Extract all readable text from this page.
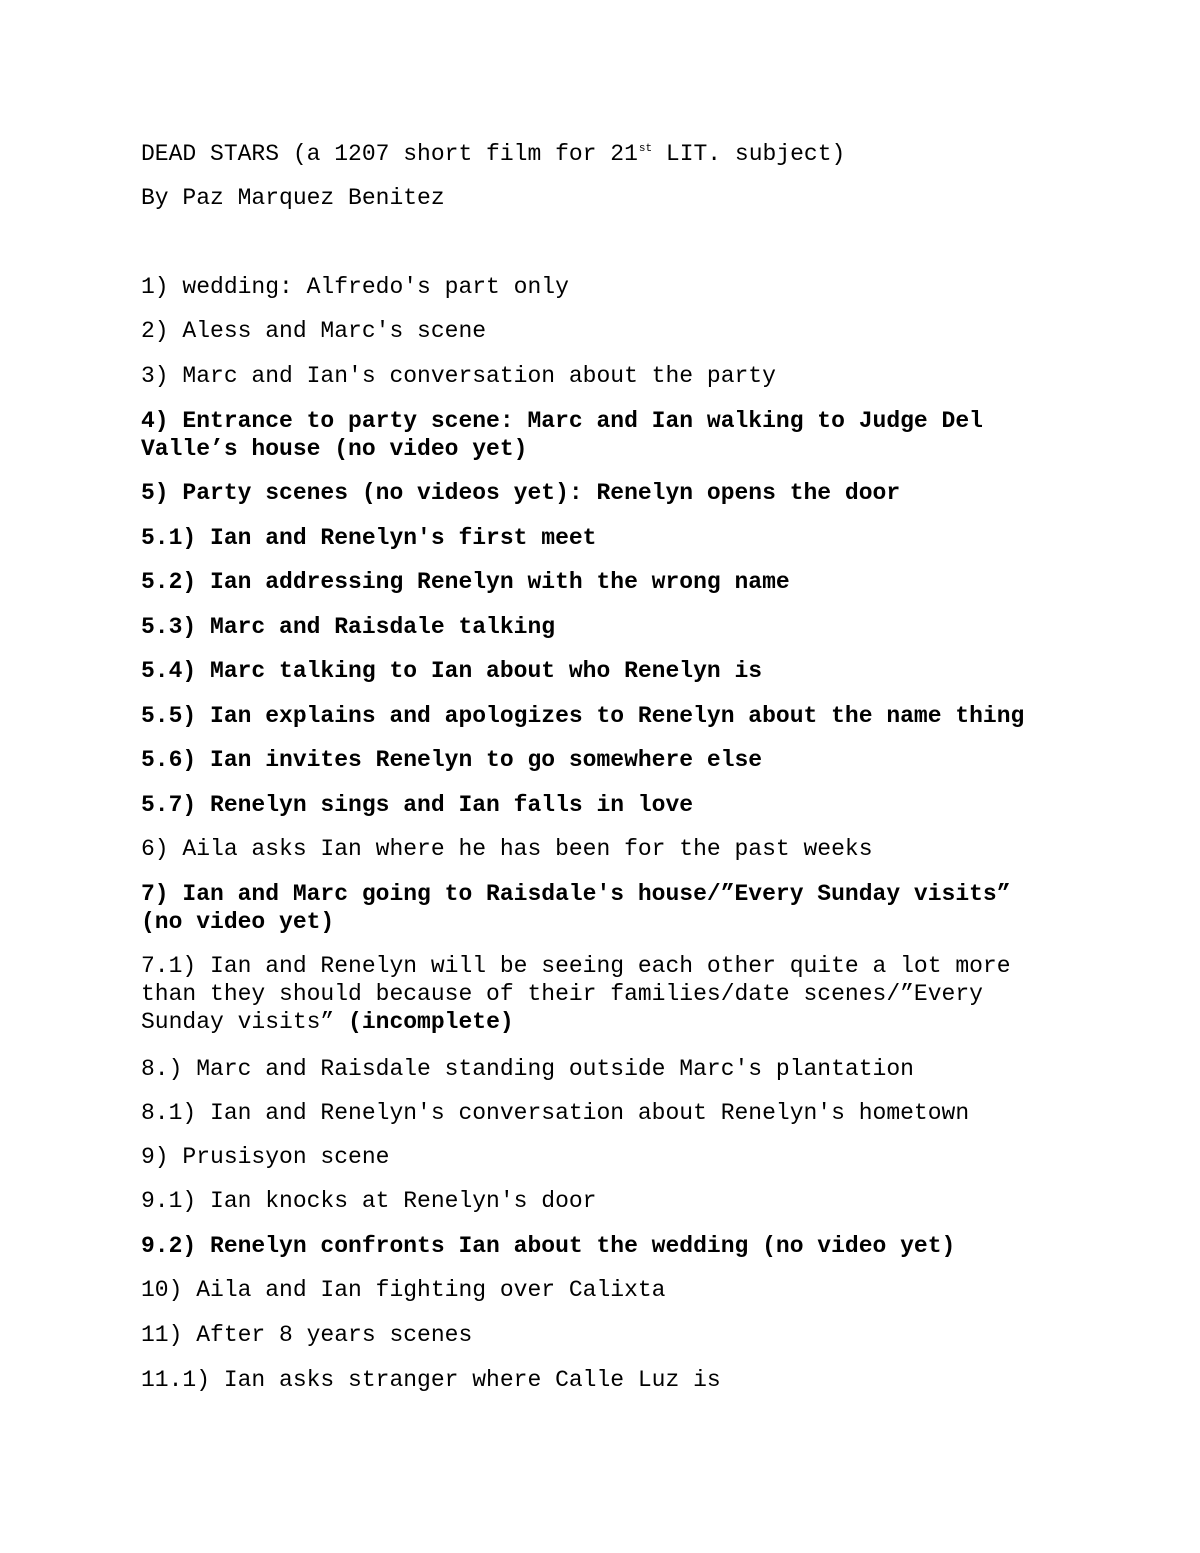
DEAD STARS (a 1207 short film for 21st LIT. subject)

By Paz Marquez Benitez

1) wedding: Alfredo's part only

2) Aless and Marc's scene

3) Marc and Ian's conversation about the party

4) Entrance to party scene: Marc and Ian walking to Judge Del Valle’s house (no video yet)

5) Party scenes (no videos yet): Renelyn opens the door

5.1) Ian and Renelyn's first meet

5.2) Ian addressing Renelyn with the wrong name

5.3) Marc and Raisdale talking

5.4) Marc talking to Ian about who Renelyn is

5.5) Ian explains and apologizes to Renelyn about the name thing

5.6) Ian invites Renelyn to go somewhere else

5.7) Renelyn sings and Ian falls in love

6) Aila asks Ian where he has been for the past weeks

7) Ian and Marc going to Raisdale's house/”Every Sunday visits” (no video yet)

7.1) Ian and Renelyn will be seeing each other quite a lot more than they should because of their families/date scenes/”Every Sunday visits” (incomplete)

8.) Marc and Raisdale standing outside Marc's plantation

8.1) Ian and Renelyn's conversation about Renelyn's hometown

9) Prusisyon scene

9.1) Ian knocks at Renelyn's door

9.2) Renelyn confronts Ian about the wedding (no video yet)

10) Aila and Ian fighting over Calixta

11) After 8 years scenes

11.1) Ian asks stranger where Calle Luz is
